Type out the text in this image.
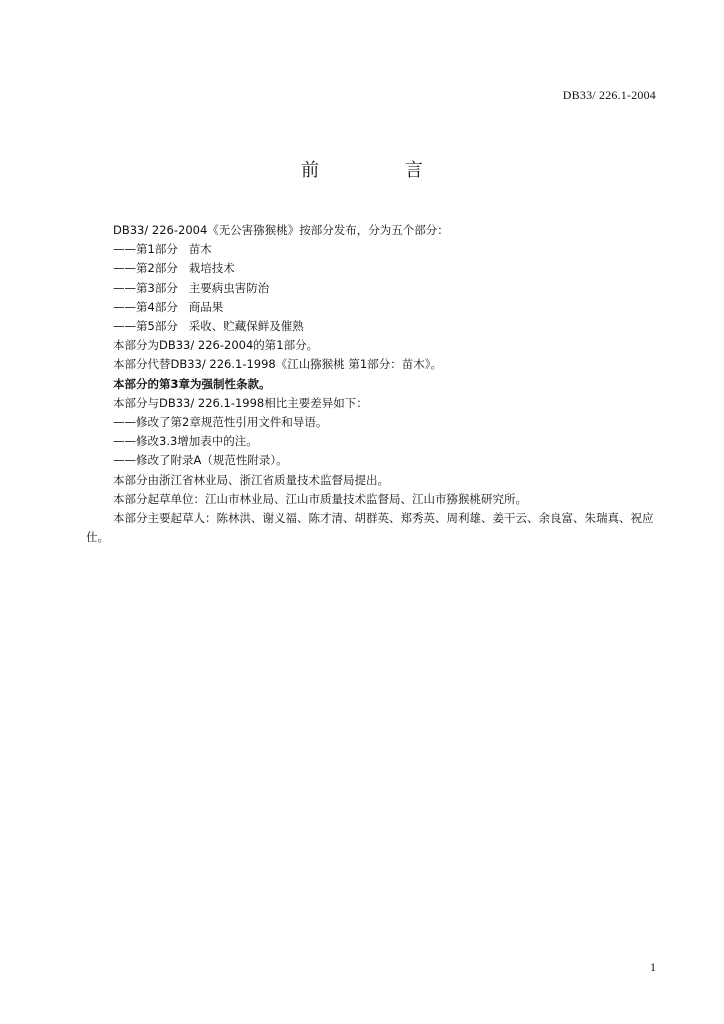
DB33/ 226.1-2004
前 言

DB33/ 226-2004《无公害猕猴桃》按部分发布，分为五个部分：

——第1部分   苗木

——第2部分   栽培技术

——第3部分   主要病虫害防治

——第4部分   商品果

——第5部分   采收、贮藏保鲜及催熟

本部分为DB33/ 226-2004的第1部分。

本部分代替DB33/ 226.1-1998《江山猕猴桃 第1部分：苗木》。

本部分的第3章为强制性条款。

本部分与DB33/ 226.1-1998相比主要差异如下：

——修改了第2章规范性引用文件和导语。

——修改3.3增加表中的注。

——修改了附录A（规范性附录）。

本部分由浙江省林业局、浙江省质量技术监督局提出。

本部分起草单位：江山市林业局、江山市质量技术监督局、江山市猕猴桃研究所。

本部分主要起草人：陈林洪、谢义福、陈才清、胡群英、郑秀英、周利雄、姜干云、余良富、朱瑞真、祝应仕。

1
